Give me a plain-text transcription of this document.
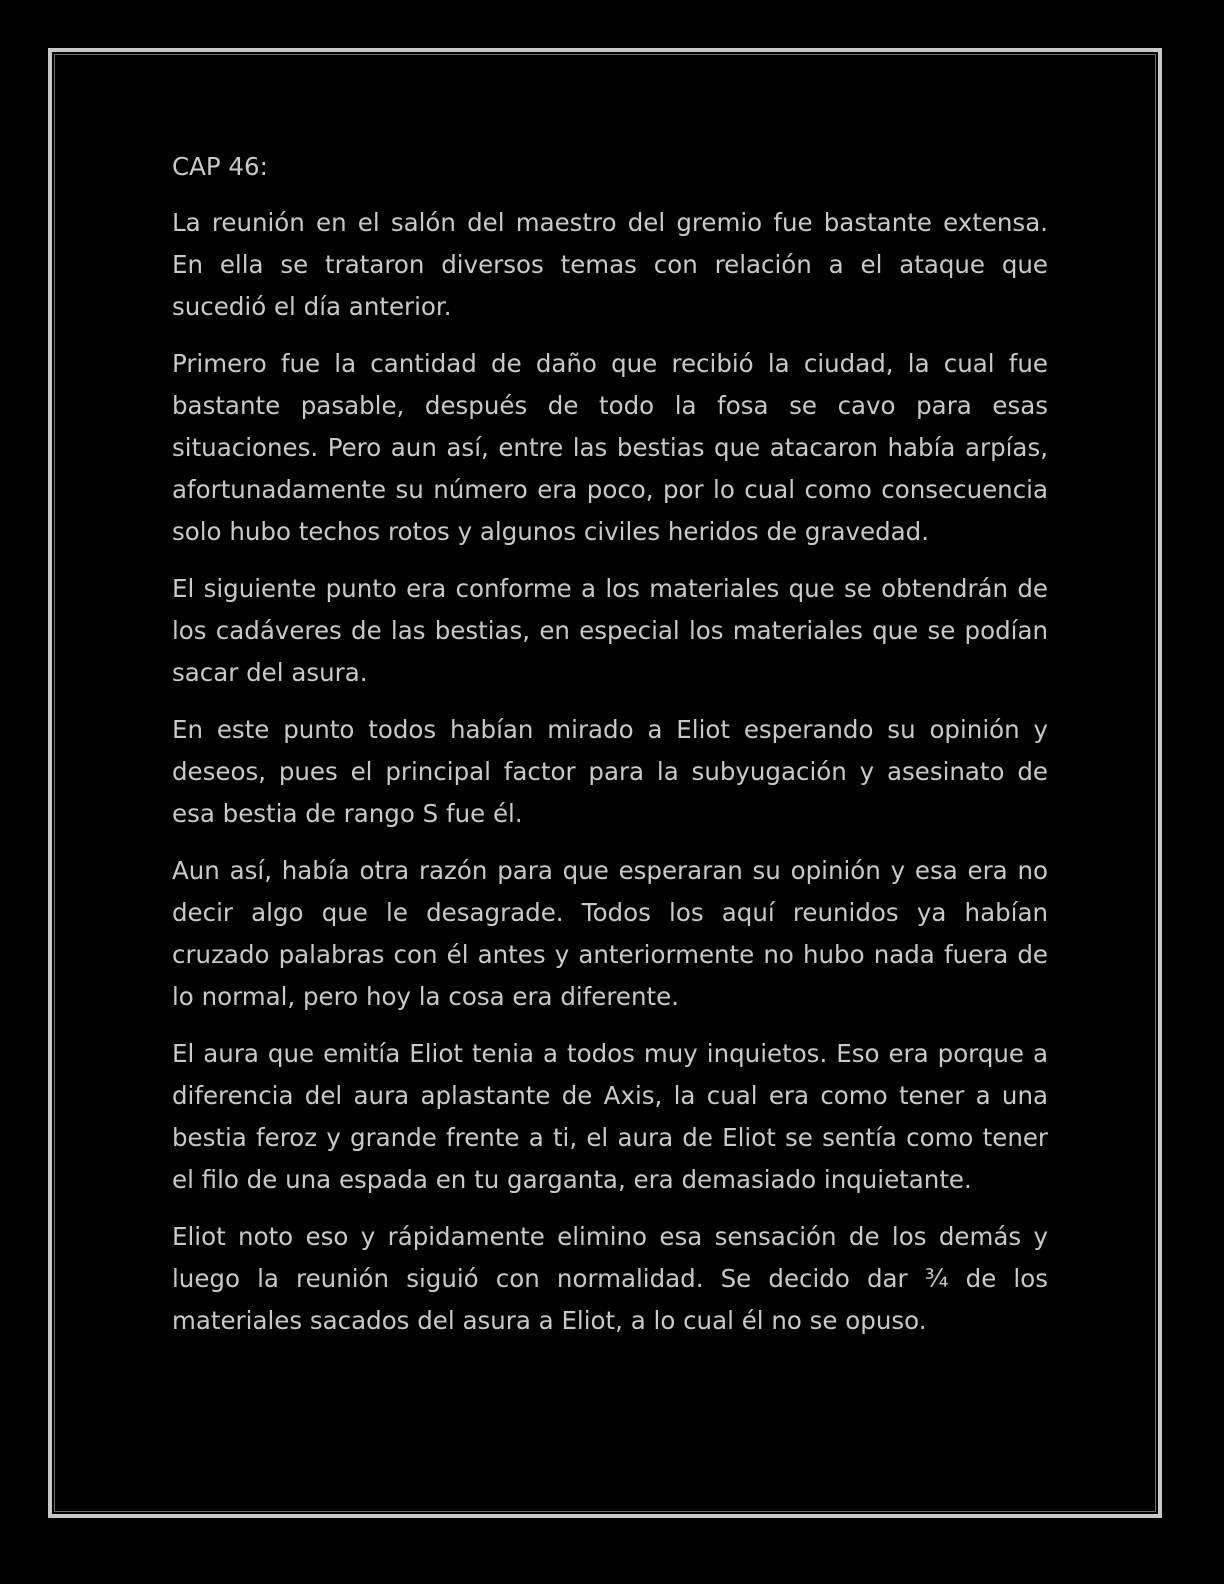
CAP 46:

La reunión en el salón del maestro del gremio fue bastante extensa. En ella se trataron diversos temas con relación a el ataque que sucedió el día anterior.

Primero fue la cantidad de daño que recibió la ciudad, la cual fue bastante pasable, después de todo la fosa se cavo para esas situaciones. Pero aun así, entre las bestias que atacaron había arpías, afortunadamente su número era poco, por lo cual como consecuencia solo hubo techos rotos y algunos civiles heridos de gravedad.

El siguiente punto era conforme a los materiales que se obtendrán de los cadáveres de las bestias, en especial los materiales que se podían sacar del asura.

En este punto todos habían mirado a Eliot esperando su opinión y deseos, pues el principal factor para la subyugación y asesinato de esa bestia de rango S fue él.

Aun así, había otra razón para que esperaran su opinión y esa era no decir algo que le desagrade. Todos los aquí reunidos ya habían cruzado palabras con él antes y anteriormente no hubo nada fuera de lo normal, pero hoy la cosa era diferente.

El aura que emitía Eliot tenia a todos muy inquietos. Eso era porque a diferencia del aura aplastante de Axis, la cual era como tener a una bestia feroz y grande frente a ti, el aura de Eliot se sentía como tener el filo de una espada en tu garganta, era demasiado inquietante.

Eliot noto eso y rápidamente elimino esa sensación de los demás y luego la reunión siguió con normalidad. Se decido dar ¾ de los materiales sacados del asura a Eliot, a lo cual él no se opuso.
